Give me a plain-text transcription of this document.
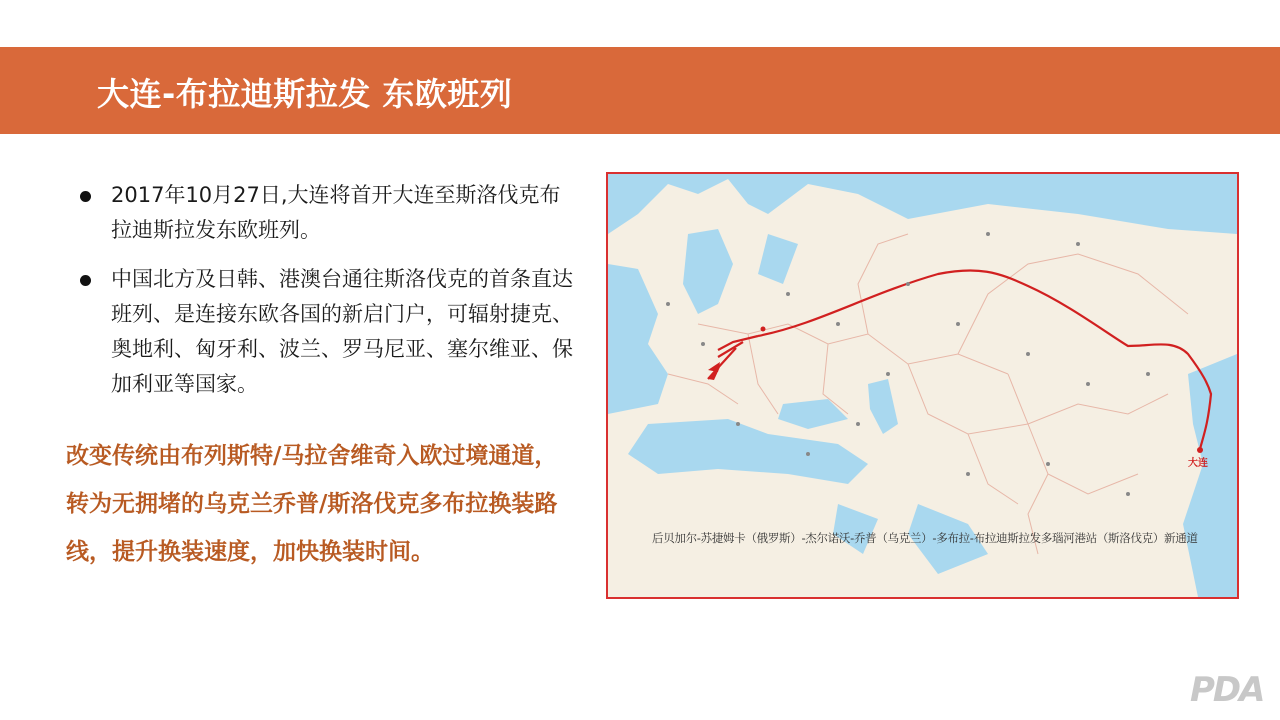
大连-布拉迪斯拉发 东欧班列
2017年10月27日,大连将首开大连至斯洛伐克布拉迪斯拉发东欧班列。
中国北方及日韩、港澳台通往斯洛伐克的首条直达班列、是连接东欧各国的新启门户，可辐射捷克、奥地利、匈牙利、波兰、罗马尼亚、塞尔维亚、保加利亚等国家。
改变传统由布列斯特/马拉舍维奇入欧过境通道，转为无拥堵的乌克兰乔普/斯洛伐克多布拉换装路线，提升换装速度，加快换装时间。
大连
后贝加尔-苏捷姆卡（俄罗斯）-杰尔诺沃-乔普（乌克兰）-多布拉-布拉迪斯拉发多瑙河港站（斯洛伐克）新通道
PDA
